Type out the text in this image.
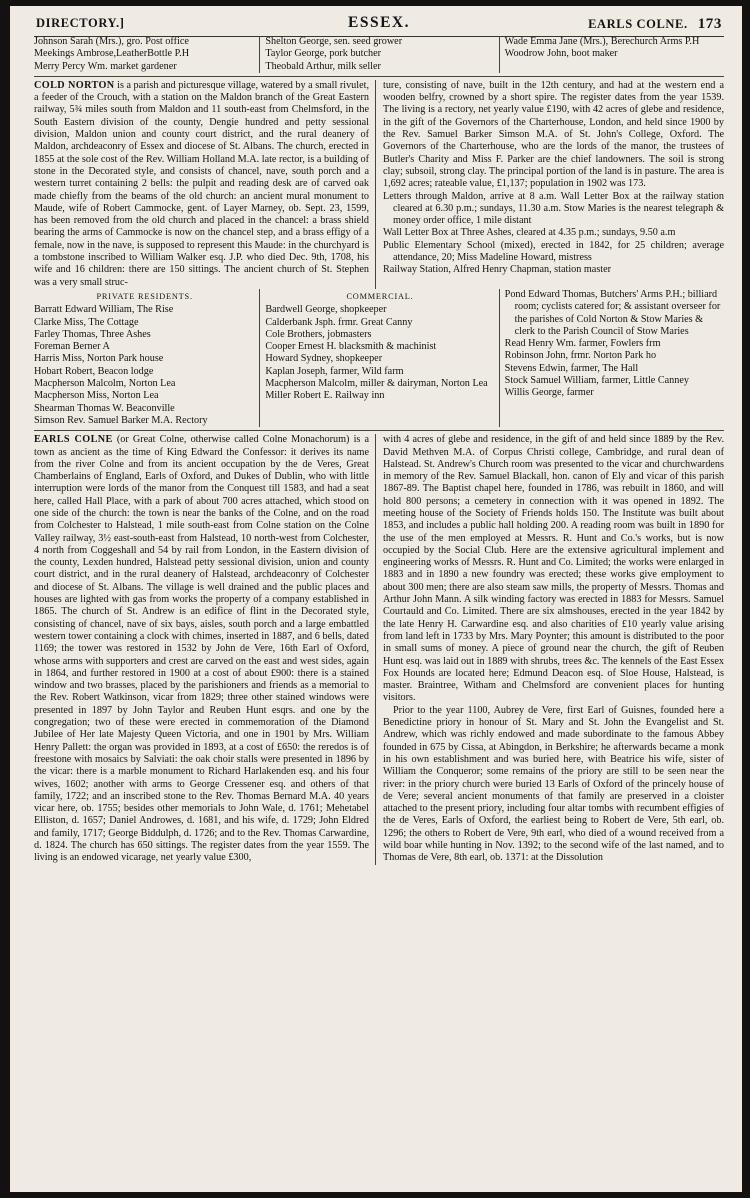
DIRECTORY.]	ESSEX.	EARLS COLNE. 173
Johnson Sarah (Mrs.), gro. Post office
Meekings Ambrose,LeatherBottle P.H
Merry Percy Wm. market gardener
Shelton George, sen. seed grower
Taylor George, pork butcher
Theobald Arthur, milk seller
Wade Emma Jane (Mrs.), Berechurch Arms P.H
Woodrow John, boot maker
COLD NORTON is a parish and picturesque village, watered by a small rivulet, a feeder of the Crouch, with a station on the Maldon branch of the Great Eastern railway, 5¾ miles south from Maldon and 11 south-east from Chelmsford, in the South Eastern division of the county, Dengie hundred and petty sessional division, Maldon union and county court district, and the rural deanery of Maldon, archdeaconry of Essex and diocese of St. Albans. The church, erected in 1855 at the sole cost of the Rev. William Holland M.A. late rector, is a building of stone in the Decorated style, and consists of chancel, nave, south porch and a western turret containing 2 bells: the pulpit and reading desk are of carved oak made chiefly from the beams of the old church: an ancient mural monument to Maude, wife of Robert Cammocke, gent. of Layer Marney, ob. Sept. 23, 1599, has been removed from the old church and placed in the chancel: a brass shield bearing the arms of Cammocke is now on the chancel step, and a brass effigy of a female, now in the nave, is supposed to represent this Maude: in the churchyard is a tombstone inscribed to William Walker esq. J.P. who died Dec. 9th, 1708, his wife and 16 children: there are 150 sittings. The ancient church of St. Stephen was a very small struc-
ture, consisting of nave, built in the 12th century, and had at the western end a wooden belfry, crowned by a short spire. The register dates from the year 1539. The living is a rectory, net yearly value £190, with 42 acres of glebe and residence, in the gift of the Governors of the Charterhouse, London, and held since 1900 by the Rev. Samuel Barker Simson M.A. of St. John's College, Oxford. The Governors of the Charterhouse, who are the lords of the manor, the trustees of Butler's Charity and Miss F. Parker are the chief landowners. The soil is strong clay; subsoil, strong clay. The principal portion of the land is in pasture. The area is 1,692 acres; rateable value, £1,137; population in 1902 was 173.
Letters through Maldon, arrive at 8 a.m. Wall Letter Box at the railway station cleared at 6.30 p.m.; sundays, 11.30 a.m. Stow Maries is the nearest telegraph & money order office, 1 mile distant
Wall Letter Box at Three Ashes, cleared at 4.35 p.m.; sundays, 9.50 a.m
Public Elementary School (mixed), erected in 1842, for 25 children; average attendance, 20; Miss Madeline Howard, mistress
Railway Station, Alfred Henry Chapman, station master
PRIVATE RESIDENTS.
Barratt Edward William, The Rise
Clarke Miss, The Cottage
Farley Thomas, Three Ashes
Foreman Berner A
Harris Miss, Norton Park house
Hobart Robert, Beacon lodge
Macpherson Malcolm, Norton Lea
Macpherson Miss, Norton Lea
Shearman Thomas W. Beaconville
Simson Rev. Samuel Barker M.A. Rectory
COMMERCIAL.
Bardwell George, shopkeeper
Calderbank Jsph. frmr. Great Canny
Cole Brothers, jobmasters
Cooper Ernest H. blacksmith & machinist
Howard Sydney, shopkeeper
Kaplan Joseph, farmer, Wild farm
Macpherson Malcolm, miller & dairyman, Norton Lea
Miller Robert E. Railway inn
Pond Edward Thomas, Butchers' Arms P.H.; billiard room; cyclists catered for; & assistant overseer for the parishes of Cold Norton & Stow Maries & clerk to the Parish Council of Stow Maries
Read Henry Wm. farmer, Fowlers frm
Robinson John, frmr. Norton Park ho
Stevens Edwin, farmer, The Hall
Stock Samuel William, farmer, Little Canney
Willis George, farmer
EARLS COLNE (or Great Colne, otherwise called Colne Monachorum) is a town as ancient as the time of King Edward the Confessor: it derives its name from the river Colne and from its ancient occupation by the de Veres, Great Chamberlains of England, Earls of Oxford, and Dukes of Dublin, who with little interruption were lords of the manor from the Conquest till 1583, and had a seat here, called Hall Place, with a park of about 700 acres attached, which stood on one side of the church: the town is near the banks of the Colne, and on the road from Colchester to Halstead, 1 mile south-east from Colne station on the Colne Valley railway, 3½ east-south-east from Halstead, 10 north-west from Colchester, 4 north from Coggeshall and 54 by rail from London, in the Eastern division of the county, Lexden hundred, Halstead petty sessional division, union and county court district, and in the rural deanery of Halstead, archdeaconry of Colchester and diocese of St. Albans. The village is well drained and the public places and houses are lighted with gas from works the property of a company established in 1865. The church of St. Andrew is an edifice of flint in the Decorated style, consisting of chancel, nave of six bays, aisles, south porch and a large embattled western tower containing a clock with chimes, inserted in 1887, and 6 bells, dated 1169; the tower was restored in 1532 by John de Vere, 16th Earl of Oxford, whose arms with supporters and crest are carved on the east and west sides, again in 1864, and further restored in 1900 at a cost of about £900: there is a stained window and two brasses, placed by the parishioners and friends as a memorial to the Rev. Robert Watkinson, vicar from 1829; three other stained windows were presented in 1897 by John Taylor and Reuben Hunt esqrs. and one by the congregation; two of these were erected in commemoration of the Diamond Jubilee of Her late Majesty Queen Victoria, and one in 1901 by Mrs. William Henry Pallett: the organ was provided in 1893, at a cost of £650: the reredos is of freestone with mosaics by Salviati: the oak choir stalls were presented in 1896 by the vicar: there is a marble monument to Richard Harlakenden esq. and his four wives, 1602; another with arms to George Cressener esq. and others of that family, 1722; and an inscribed stone to the Rev. Thomas Bernard M.A. 40 years vicar here, ob. 1755; besides other memorials to John Wale, d. 1761; Mehetabel Elliston, d. 1657; Daniel Androwes, d. 1681, and his wife, d. 1729; John Eldred and family, 1717; George Biddulph, d. 1726; and to the Rev. Thomas Carwardine, d. 1824. The church has 650 sittings. The register dates from the year 1559. The living is an endowed vicarage, net yearly value £300,
with 4 acres of glebe and residence, in the gift of and held since 1889 by the Rev. David Methven M.A. of Corpus Christi college, Cambridge, and rural dean of Halstead. St. Andrew's Church room was presented to the vicar and churchwardens in memory of the Rev. Samuel Blackall, hon. canon of Ely and vicar of this parish 1867-89. The Baptist chapel here, founded in 1786, was rebuilt in 1860, and will hold 800 persons; a cemetery in connection with it was opened in 1892. The meeting house of the Society of Friends holds 150. The Institute was built about 1853, and includes a public hall holding 200. A reading room was built in 1890 for the use of the men employed at Messrs. R. Hunt and Co.'s works, but is now occupied by the Social Club. Here are the extensive agricultural implement and engineering works of Messrs. R. Hunt and Co. Limited; the works were enlarged in 1883 and in 1890 a new foundry was erected; these works give employment to about 300 men; there are also steam saw mills, the property of Messrs. Thomas and Arthur John Mann. A silk winding factory was erected in 1883 for Messrs. Samuel Courtauld and Co. Limited. There are six almshouses, erected in the year 1842 by the late Henry H. Carwardine esq. and also charities of £10 yearly value arising from land left in 1733 by Mrs. Mary Poynter; this amount is distributed to the poor in small sums of money. A piece of ground near the church, the gift of Reuben Hunt esq. was laid out in 1889 with shrubs, trees &c. The kennels of the East Essex Fox Hounds are located here; Edmund Deacon esq. of Sloe House, Halstead, is master. Braintree, Witham and Chelmsford are convenient places for hunting visitors.
Prior to the year 1100, Aubrey de Vere, first Earl of Guisnes, founded here a Benedictine priory in honour of St. Mary and St. John the Evangelist and St. Andrew, which was richly endowed and made subordinate to the famous Abbey founded in 675 by Cissa, at Abingdon, in Berkshire; he afterwards became a monk in his own establishment and was buried here, with Beatrice his wife, sister of William the Conqueror; some remains of the priory are still to be seen near the river: in the priory church were buried 13 Earls of Oxford of the princely house of de Vere; several ancient monuments of that family are preserved in a cloister attached to the present priory, including four altar tombs with recumbent effigies of the de Veres, Earls of Oxford, the earliest being to Robert de Vere, 5th earl, ob. 1296; the others to Robert de Vere, 9th earl, who died of a wound received from a wild boar while hunting in Nov. 1392; to the second wife of the last named, and to Thomas de Vere, 8th earl, ob. 1371: at the Dissolution
